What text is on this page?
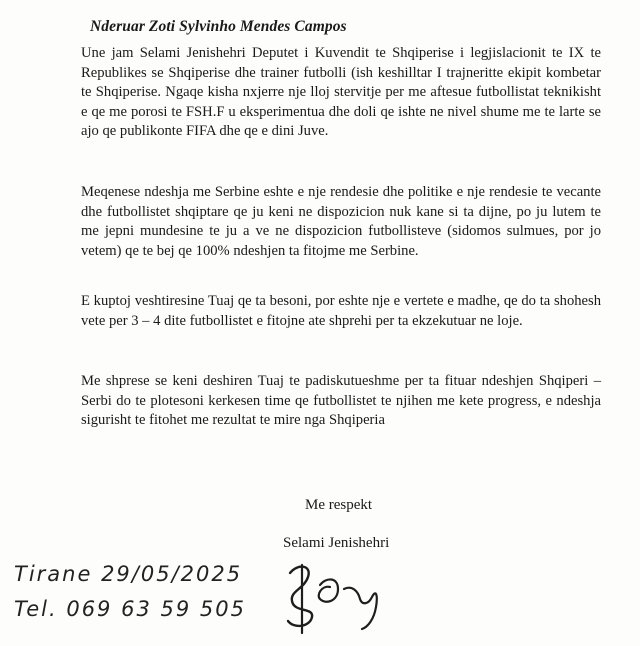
Nderuar Zoti Sylvinho Mendes Campos

Une jam Selami Jenishehri Deputet i Kuvendit te Shqiperise i legjislacionit te IX te Republikes se Shqiperise dhe trainer futbolli (ish keshilltar I trajneritte ekipit kombetar te Shqiperise. Ngaqe kisha nxjerre nje lloj stervitje per me aftesue futbollistat teknikisht e qe me porosi te FSH.F u eksperimentua dhe doli qe ishte ne nivel shume me te larte se ajo qe publikonte FIFA dhe qe e dini Juve.

Meqenese ndeshja me Serbine eshte e nje rendesie dhe politike e nje rendesie te vecante dhe futbollistet shqiptare qe ju keni ne dispozicion nuk kane si ta dijne, po ju lutem te me jepni mundesine te ju a ve ne dispozicion futbollisteve (sidomos sulmues, por jo vetem) qe te bej qe 100% ndeshjen ta fitojme me Serbine.

E kuptoj veshtiresine Tuaj qe ta besoni, por eshte nje e vertete e madhe, qe do ta shohesh vete per 3 – 4 dite futbollistet e fitojne ate shprehi per ta ekzekutuar ne loje.

Me shprese se keni deshiren Tuaj te padiskutueshme per ta fituar ndeshjen Shqiperi – Serbi do te plotesoni kerkesen time qe futbollistet te njihen me kete progress, e ndeshja sigurisht te fitohet me rezultat te mire nga Shqiperia

Me respekt
Selami Jenishehri
Tirane 29/05/2025
Tel. 069 63 59 505
